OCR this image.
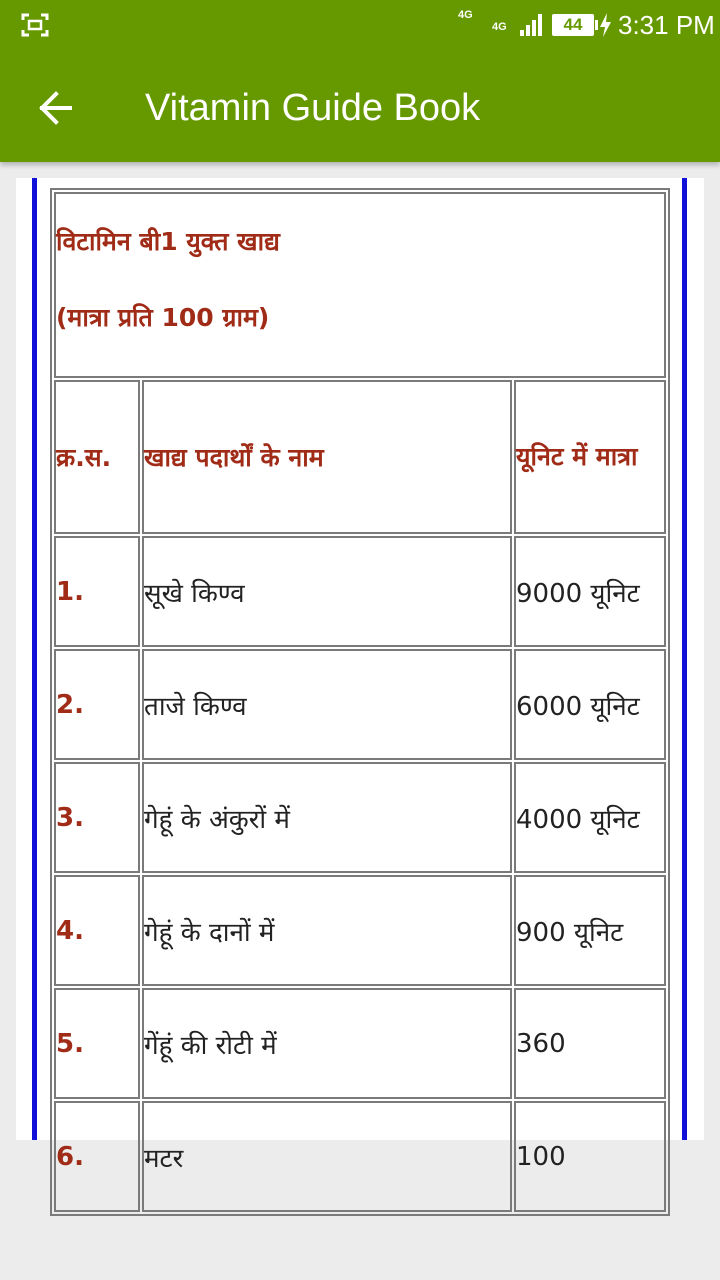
4G
4G	44	3:31 PM
Vitamin Guide Book
विटामिन बी1 युक्त खाद्य
(मात्रा प्रति 100 ग्राम)		

क्र.स.	खाद्य पदार्थों के नाम	यूनिट में मात्रा
1.	सूखे किण्व	9000 यूनिट
2.	ताजे किण्व	6000 यूनिट
3.	गेहूं के अंकुरों में	4000 यूनिट
4.	गेहूं के दानों में	900 यूनिट
5.	गेंहूं की रोटी में	360
6.	मटर	100
